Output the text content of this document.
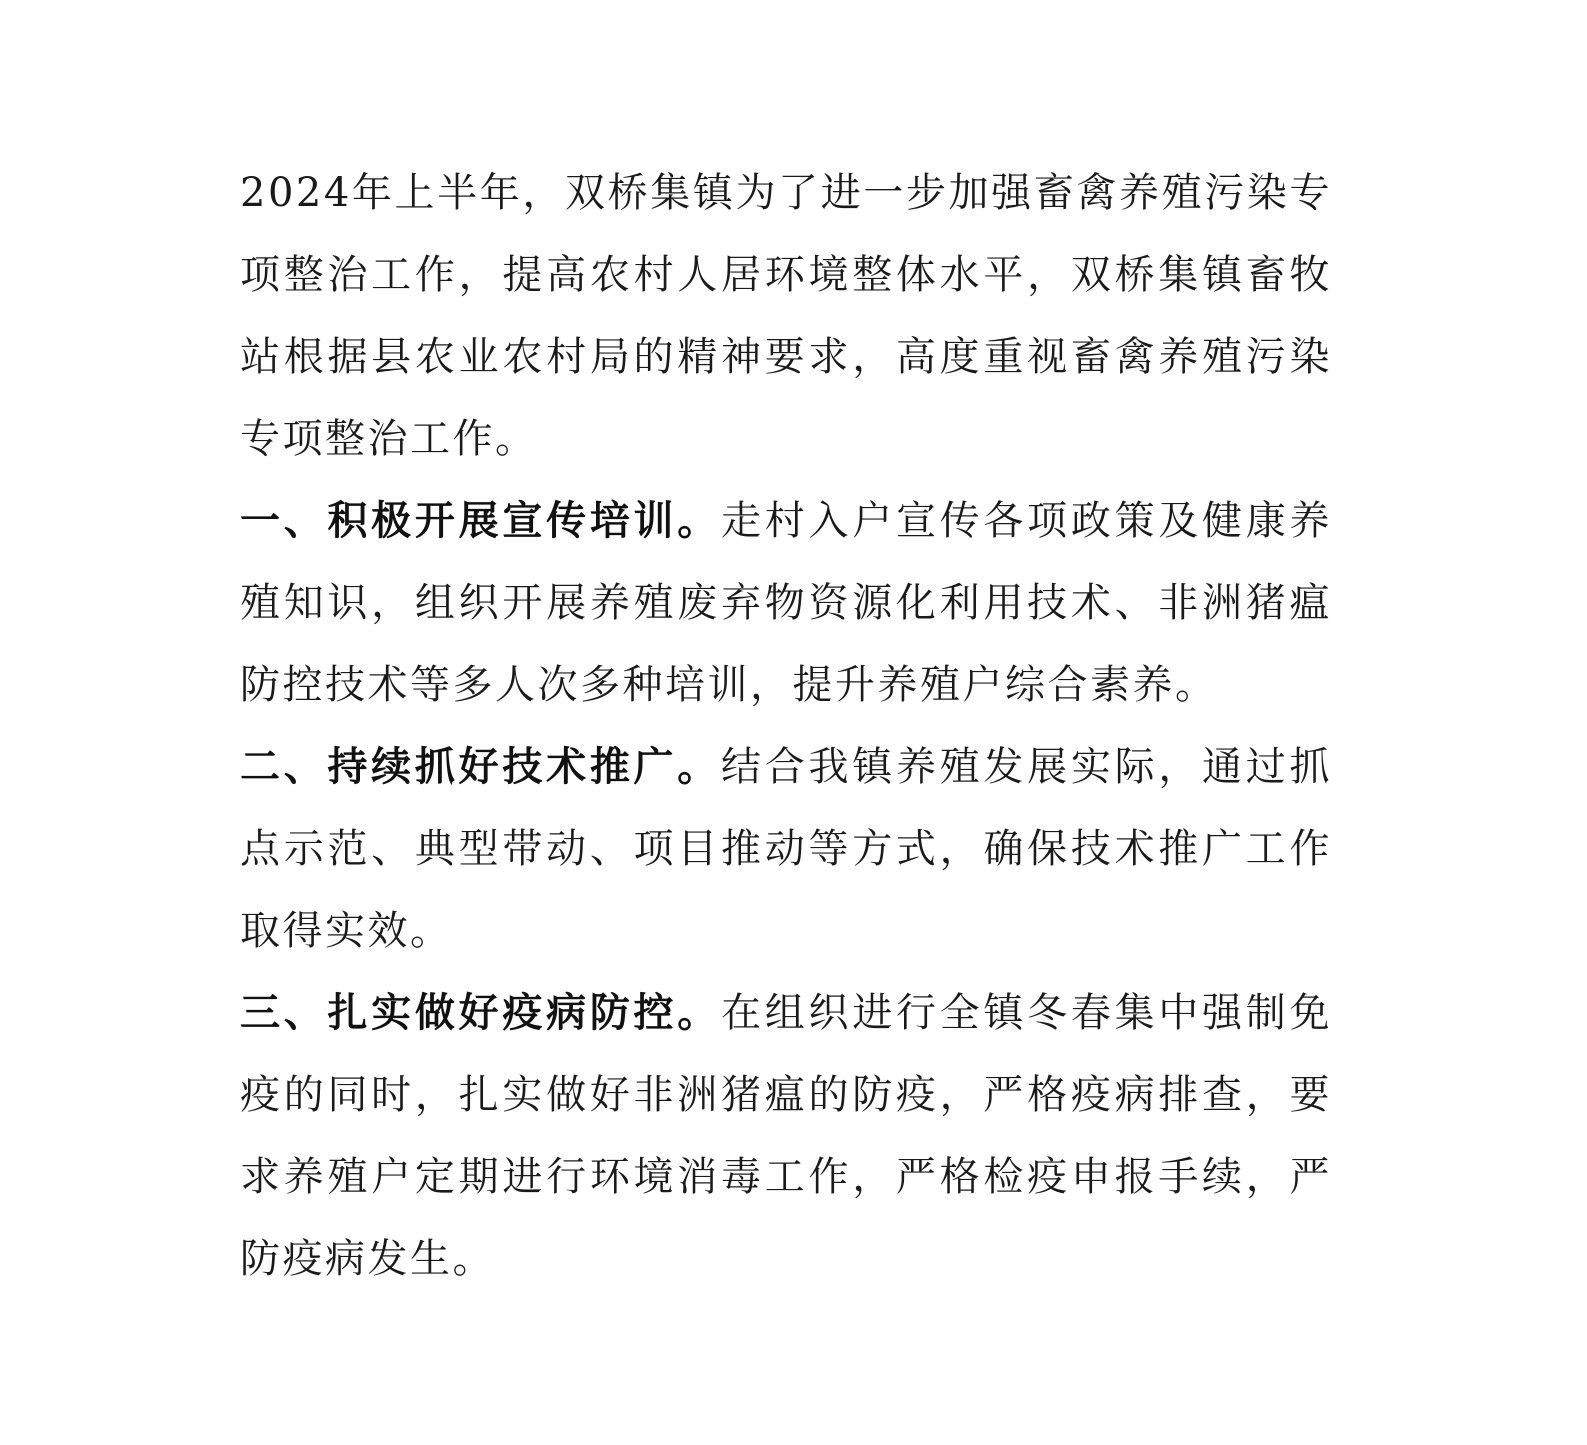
2024年上半年，双桥集镇为了进一步加强畜禽养殖污染专项整治工作，提高农村人居环境整体水平，双桥集镇畜牧站根据县农业农村局的精神要求，高度重视畜禽养殖污染专项整治工作。

一、积极开展宣传培训。走村入户宣传各项政策及健康养殖知识，组织开展养殖废弃物资源化利用技术、非洲猪瘟防控技术等多人次多种培训，提升养殖户综合素养。

二、持续抓好技术推广。结合我镇养殖发展实际，通过抓点示范、典型带动、项目推动等方式，确保技术推广工作取得实效。

三、扎实做好疫病防控。在组织进行全镇冬春集中强制免疫的同时，扎实做好非洲猪瘟的防疫，严格疫病排查，要求养殖户定期进行环境消毒工作，严格检疫申报手续，严防疫病发生。
